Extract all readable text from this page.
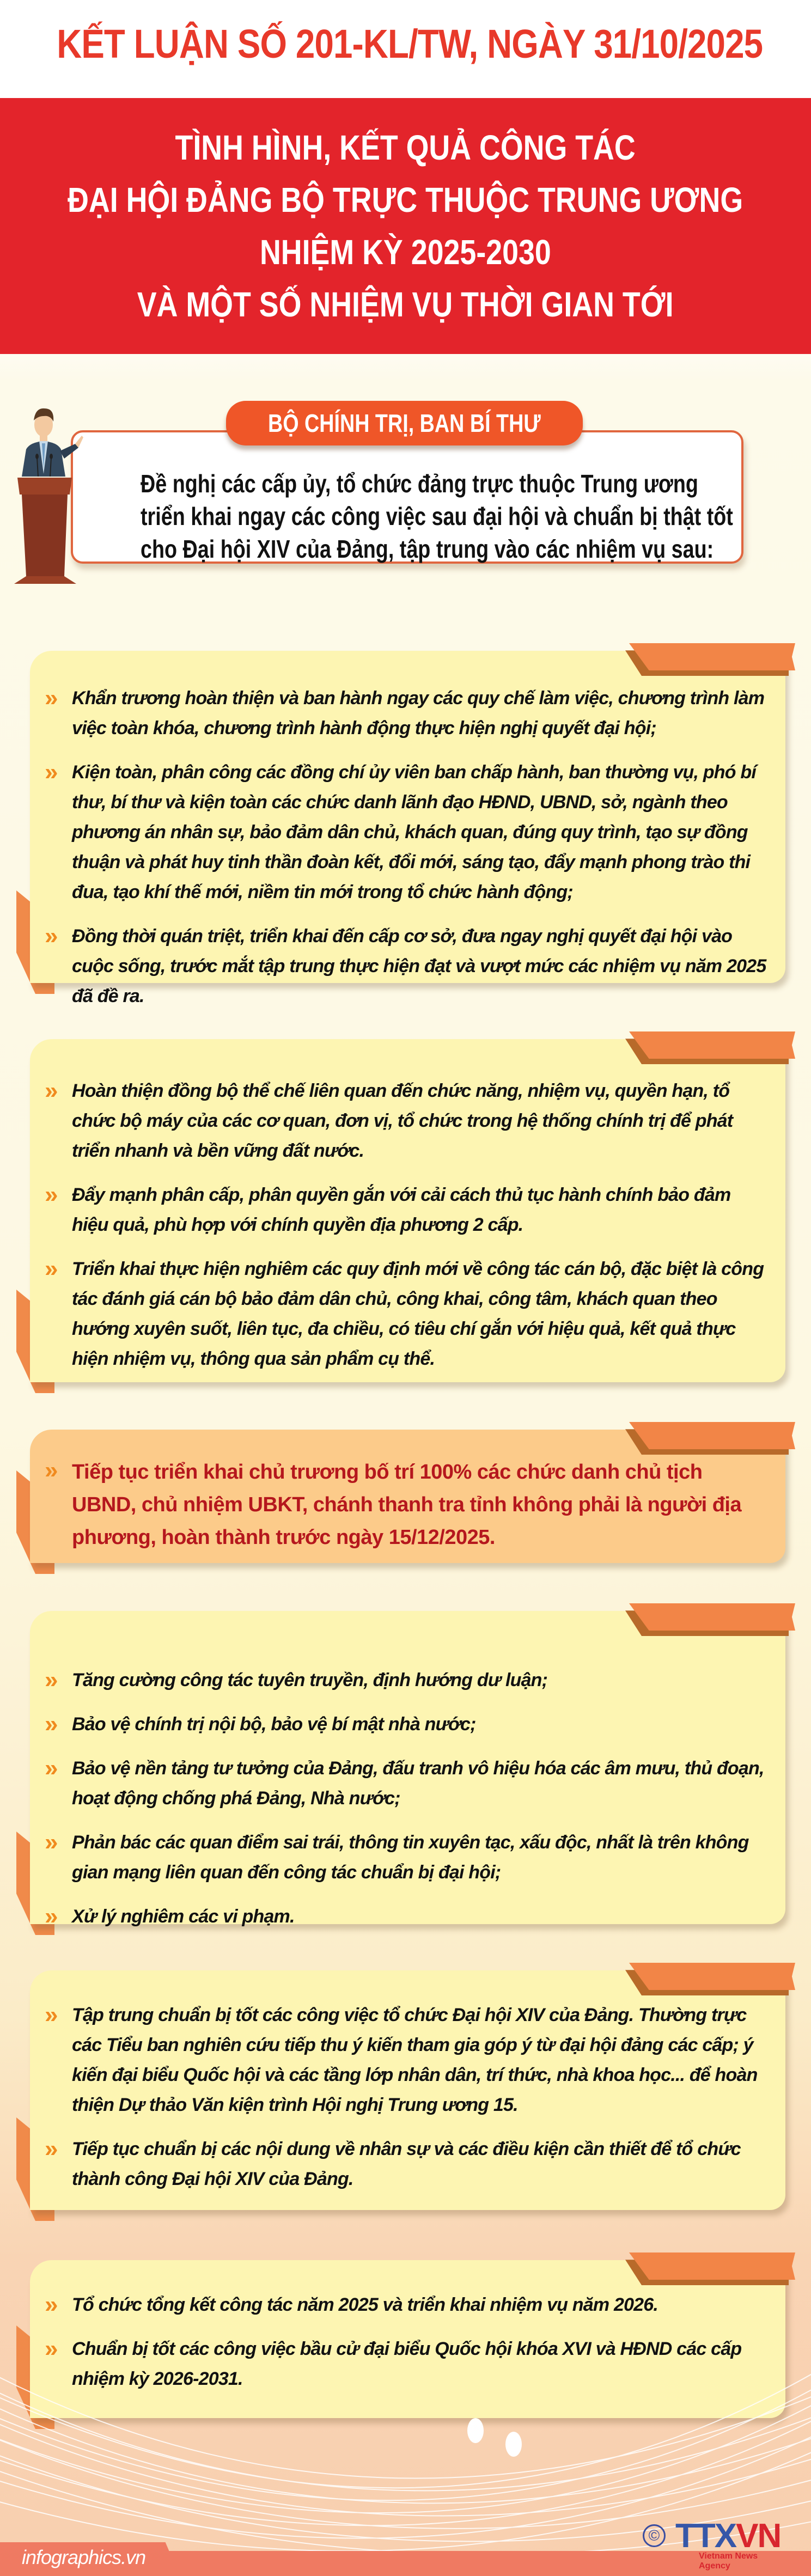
KẾT LUẬN SỐ 201-KL/TW, NGÀY 31/10/2025
TÌNH HÌNH, KẾT QUẢ CÔNG TÁC
ĐẠI HỘI ĐẢNG BỘ TRỰC THUỘC TRUNG ƯƠNG
NHIỆM KỲ 2025-2030
VÀ MỘT SỐ NHIỆM VỤ THỜI GIAN TỚI
BỘ CHÍNH TRỊ, BAN BÍ THƯ
Đề nghị các cấp ủy, tổ chức đảng trực thuộc Trung ương
triển khai ngay các công việc sau đại hội và chuẩn bị thật tốt
cho Đại hội XIV của Đảng, tập trung vào các nhiệm vụ sau:
»	Khẩn trương hoàn thiện và ban hành ngay các quy chế làm việc, chương trình làm việc toàn khóa, chương trình hành động thực hiện nghị quyết đại hội;
»	Kiện toàn, phân công các đồng chí ủy viên ban chấp hành, ban thường vụ, phó bí thư, bí thư và kiện toàn các chức danh lãnh đạo HĐND, UBND, sở, ngành theo phương án nhân sự, bảo đảm dân chủ, khách quan, đúng quy trình, tạo sự đồng thuận và phát huy tinh thần đoàn kết, đổi mới, sáng tạo, đẩy mạnh phong trào thi đua, tạo khí thế mới, niềm tin mới trong tổ chức hành động;
»	Đồng thời quán triệt, triển khai đến cấp cơ sở, đưa ngay nghị quyết đại hội vào cuộc sống, trước mắt tập trung thực hiện đạt và vượt mức các nhiệm vụ năm 2025 đã đề ra.
»	Hoàn thiện đồng bộ thể chế liên quan đến chức năng, nhiệm vụ, quyền hạn, tổ chức bộ máy của các cơ quan, đơn vị, tổ chức trong hệ thống chính trị để phát triển nhanh và bền vững đất nước.
»	Đẩy mạnh phân cấp, phân quyền gắn với cải cách thủ tục hành chính bảo đảm hiệu quả, phù hợp với chính quyền địa phương 2 cấp.
»	Triển khai thực hiện nghiêm các quy định mới về công tác cán bộ, đặc biệt là công tác đánh giá cán bộ bảo đảm dân chủ, công khai, công tâm, khách quan theo hướng xuyên suốt, liên tục, đa chiều, có tiêu chí gắn với hiệu quả, kết quả thực hiện nhiệm vụ, thông qua sản phẩm cụ thể.
» Tiếp tục triển khai chủ trương bố trí 100% các chức danh chủ tịch UBND, chủ nhiệm UBKT, chánh thanh tra tỉnh không phải là người địa phương, hoàn thành trước ngày 15/12/2025.
»	Tăng cường công tác tuyên truyền, định hướng dư luận;
»	Bảo vệ chính trị nội bộ, bảo vệ bí mật nhà nước;
»	Bảo vệ nền tảng tư tưởng của Đảng, đấu tranh vô hiệu hóa các âm mưu, thủ đoạn, hoạt động chống phá Đảng, Nhà nước;
»	Phản bác các quan điểm sai trái, thông tin xuyên tạc, xấu độc, nhất là trên không gian mạng liên quan đến công tác chuẩn bị đại hội;
»	Xử lý nghiêm các vi phạm.
»	Tập trung chuẩn bị tốt các công việc tổ chức Đại hội XIV của Đảng. Thường trực các Tiểu ban nghiên cứu tiếp thu ý kiến tham gia góp ý từ đại hội đảng các cấp; ý kiến đại biểu Quốc hội và các tầng lớp nhân dân, trí thức, nhà khoa học... để hoàn thiện Dự thảo Văn kiện trình Hội nghị Trung ương 15.
»	Tiếp tục chuẩn bị các nội dung về nhân sự và các điều kiện cần thiết để tổ chức thành công Đại hội XIV của Đảng.
»	Tổ chức tổng kết công tác năm 2025 và triển khai nhiệm vụ năm 2026.
»	Chuẩn bị tốt các công việc bầu cử đại biểu Quốc hội khóa XVI và HĐND các cấp nhiệm kỳ 2026-2031.
infographics.vn
© TTXVN
Vietnam News Agency
